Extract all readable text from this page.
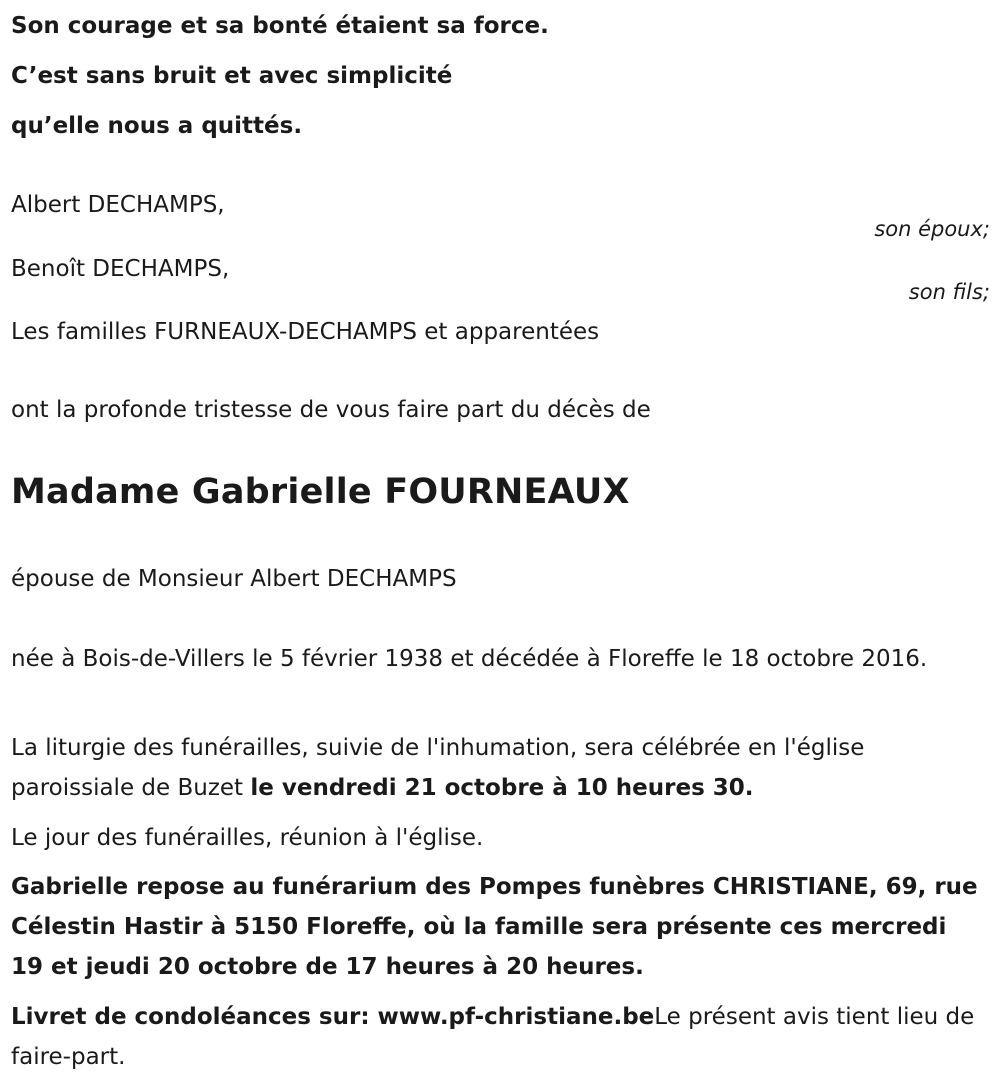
Son courage et sa bonté étaient sa force.
C’est sans bruit et avec simplicité
qu’elle nous a quittés.
Albert DECHAMPS,
son époux;
Benoît DECHAMPS,
son fils;
Les familles FURNEAUX-DECHAMPS et apparentées
ont la profonde tristesse de vous faire part du décès de
Madame Gabrielle FOURNEAUX
épouse de Monsieur Albert DECHAMPS
née à Bois-de-Villers le 5 février 1938 et décédée à Floreffe le 18 octobre 2016.
La liturgie des funérailles, suivie de l'inhumation, sera célébrée en l'église paroissiale de Buzet le vendredi 21 octobre à 10 heures 30.
Le jour des funérailles, réunion à l'église.
Gabrielle repose au funérarium des Pompes funèbres CHRISTIANE, 69, rue Célestin Hastir à 5150 Floreffe, où la famille sera présente ces mercredi 19 et jeudi 20 octobre de 17 heures à 20 heures.
Livret de condoléances sur: www.pf-christiane.beLe présent avis tient lieu de faire-part.
